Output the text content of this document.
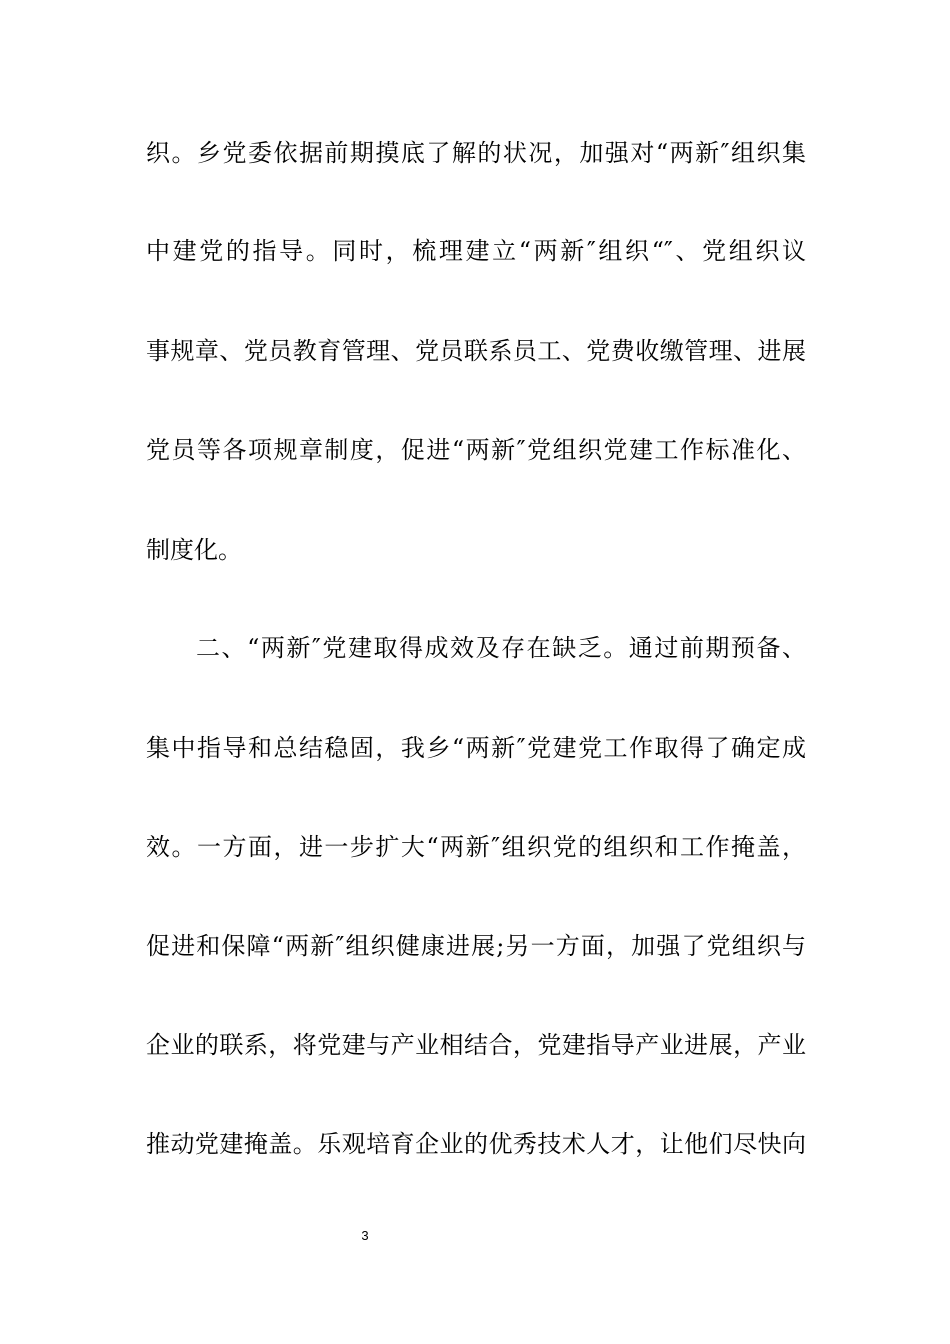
织。乡党委依据前期摸底了解的状况，加强对“两新″组织集
中建党的指导。同时，梳理建立“两新″组织“″、党组织议
事规章、党员教育管理、党员联系员工、党费收缴管理、进展
党员等各项规章制度，促进“两新″党组织党建工作标准化、
制度化。
二、“两新″党建取得成效及存在缺乏。通过前期预备、
集中指导和总结稳固，我乡“两新″党建党工作取得了确定成
效。一方面，进一步扩大“两新″组织党的组织和工作掩盖，
促进和保障“两新″组织健康进展;另一方面，加强了党组织与
企业的联系，将党建与产业相结合，党建指导产业进展，产业
推动党建掩盖。乐观培育企业的优秀技术人才，让他们尽快向
3
